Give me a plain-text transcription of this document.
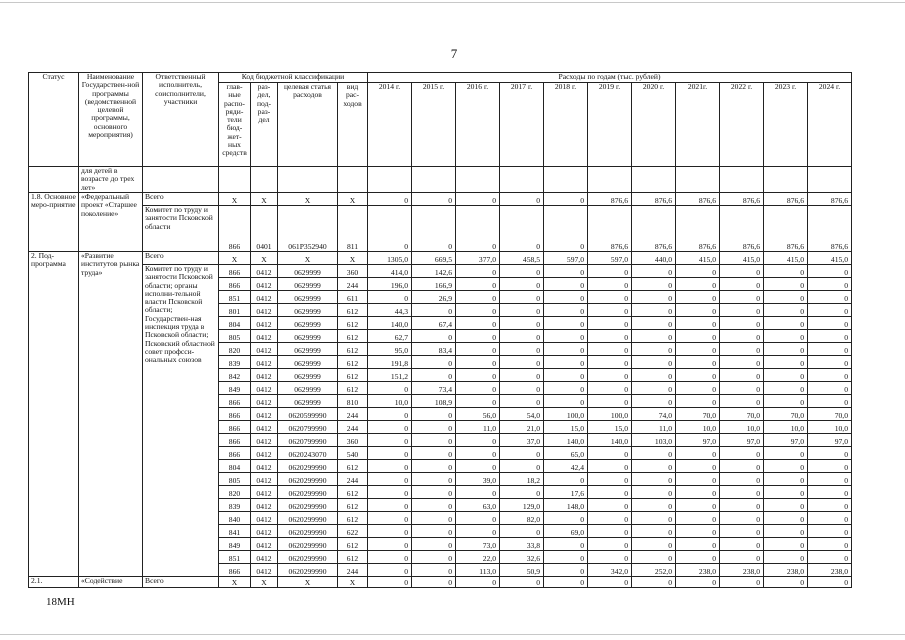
7
Статус	Наименование Государствен-ной программы (ведомственной целевой программы, основного мероприятия)	Ответственный исполнитель, соисполнители, участники	Код бюджетной классификации				Расходы по годам (тыс. рублей)										
			глав-ные распо-ряди-тели бюд-жет-ных средств	раз-дел, под-раз-дел	целевая статья расходов	вид рас-ходов	2014 г.	2015 г.	2016 г.	2017 г.	2018 г.	2019 г.	2020 г.	2021г.	2022 г.	2023 г.	2024 г.
	для детей в возрасте до трех лет»																
1.8. Основное меро-приятие	«Федеральный проект «Старшее поколение»	Всего	X	X	X	X	0	0	0	0	0	876,6	876,6	876,6	876,6	876,6	876,6
		Комитет по труду и занятости Псковской области	866	0401	061Р352940	811	0	0	0	0	0	876,6	876,6	876,6	876,6	876,6	876,6
2. Под-программа	«Развитие институтов рынка труда»	Всего	X	X	X	X	1305,0	669,5	377,0	458,5	597,0	597,0	440,0	415,0	415,0	415,0	415,0
		Комитет по труду и занятости Псковской области; органы исполни-тельной власти Псковской области; Государствен-ная инспекция труда в Псковской области; Псковский областной совет профсси-ональных союзов	866	0412	0629999	360	414,0	142,6	0	0	0	0	0	0	0	0	0
			866	0412	0629999	244	196,0	166,9	0	0	0	0	0	0	0	0	0
			851	0412	0629999	611	0	26,9	0	0	0	0	0	0	0	0	0
			801	0412	0629999	612	44,3	0	0	0	0	0	0	0	0	0	0
			804	0412	0629999	612	140,0	67,4	0	0	0	0	0	0	0	0	0
			805	0412	0629999	612	62,7	0	0	0	0	0	0	0	0	0	0
			820	0412	0629999	612	95,0	83,4	0	0	0	0	0	0	0	0	0
			839	0412	0629999	612	191,8	0	0	0	0	0	0	0	0	0	0
			842	0412	0629999	612	151,2	0	0	0	0	0	0	0	0	0	0
			849	0412	0629999	612	0	73,4	0	0	0	0	0	0	0	0	0
			866	0412	0629999	810	10,0	108,9	0	0	0	0	0	0	0	0	0
			866	0412	0620599990	244	0	0	56,0	54,0	100,0	100,0	74,0	70,0	70,0	70,0	70,0
			866	0412	0620799990	244	0	0	11,0	21,0	15,0	15,0	11,0	10,0	10,0	10,0	10,0
			866	0412	0620799990	360	0	0	0	37,0	140,0	140,0	103,0	97,0	97,0	97,0	97,0
			866	0412	0620243070	540	0	0	0	0	65,0	0	0	0	0	0	0
			804	0412	0620299990	612	0	0	0	0	42,4	0	0	0	0	0	0
			805	0412	0620299990	244	0	0	39,0	18,2	0	0	0	0	0	0	0
			820	0412	0620299990	612	0	0	0	0	17,6	0	0	0	0	0	0
			839	0412	0620299990	612	0	0	63,0	129,0	148,0	0	0	0	0	0	0
			840	0412	0620299990	612	0	0	0	82,0	0	0	0	0	0	0	0
			841	0412	0620299990	622	0	0	0	0	69,0	0	0	0	0	0	0
			849	0412	0620299990	612	0	0	73,0	33,8	0	0	0	0	0	0	0
			851	0412	0620299990	612	0	0	22,0	32,6	0	0	0	0	0	0	0
			866	0412	0620299990	244	0	0	113,0	50,9	0	342,0	252,0	238,0	238,0	238,0	238,0
2.1.	«Содействие	Всего	X	X	X	X	0	0	0	0	0	0	0	0	0	0	0
18МН
